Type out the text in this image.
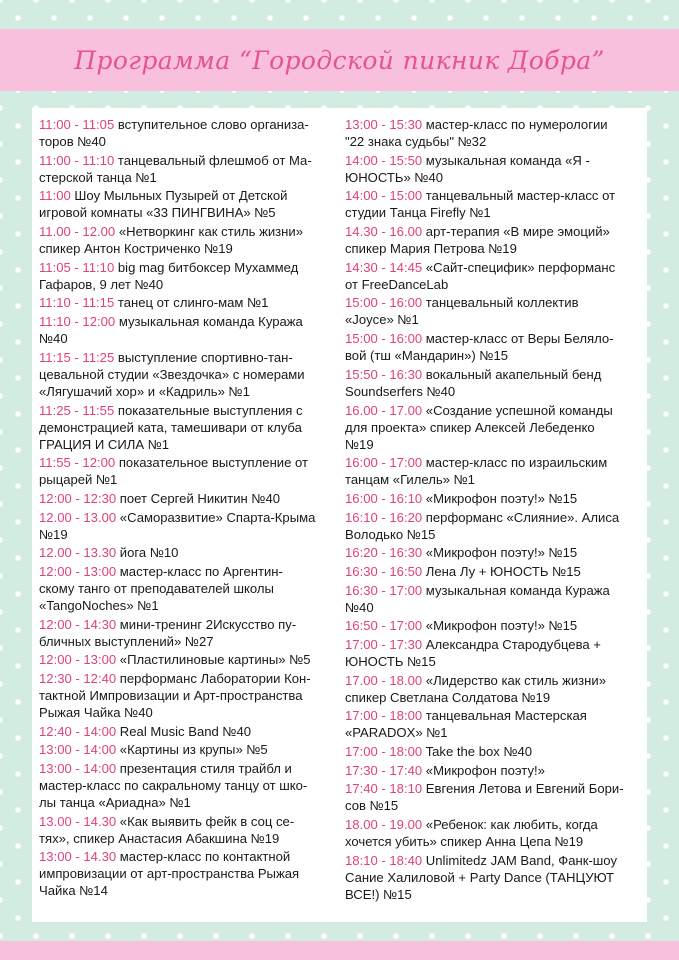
Программа “Городской пикник Добра”
11:00 - 11:05 вступительное слово организа-
торов №40
11:00 - 11:10 танцевальный флешмоб от Ма-
стерской танца №1
11:00 Шоу Мыльных Пузырей от Детской
игровой комнаты «33 ПИНГВИНА» №5
11.00 - 12.00 «Нетворкинг как стиль жизни»
спикер Антон Костриченко №19
11:05 - 11:10 big mag битбоксер Мухаммед
Гафаров, 9 лет №40
11:10 - 11:15 танец от слинго-мам №1
11:10 - 12:00 музыкальная команда Куража
№40
11:15 - 11:25 выступление спортивно-тан-
цевальной студии «Звездочка» с номерами
«Лягушачий хор» и «Кадриль» №1
11:25 - 11:55 показательные выступления с
демонстрацией ката, тамешивари от клуба
ГРАЦИЯ И СИЛА №1
11:55 - 12:00 показательное выступление от
рыцарей №1
12:00 - 12:30 поет Сергей Никитин №40
12.00 - 13.00 «Саморазвитие» Спарта-Крыма
№19
12.00 - 13.30 йога №10
12:00 - 13:00 мастер-класс по Аргентин-
скому танго от преподавателей школы
«TangoNoches» №1
12:00 - 14:30 мини-тренинг 2Искусство пу-
бличных выступлений» №27
12:00 - 13:00 «Пластилиновые картины» №5
12:30 - 12:40 перформанс Лаборатории Кон-
тактной Импровизации и Арт-пространства
Рыжая Чайка №40
12:40 - 14:00 Real Music Band №40
13:00 - 14:00 «Картины из крупы» №5
13:00 - 14:00 презентация стиля трайбл и
мастер-класс по сакральному танцу от шко-
лы танца «Ариадна» №1
13.00 - 14.30 «Как выявить фейк в соц се-
тях», спикер Анастасия Абакшина №19
13:00 - 14.30 мастер-класс по контактной
импровизации от арт-пространства Рыжая
Чайка №14
13:00 - 15:30 мастер-класс по нумерологии
"22 знака судьбы" №32
14:00 - 15:50 музыкальная команда «Я -
ЮНОСТЬ» №40
14:00 - 15:00 танцевальный мастер-класс от
студии Танца Firefly №1
14.30 - 16.00 арт-терапия «В мире эмоций»
спикер Мария Петрова №19
14:30 - 14:45 «Сайт-специфик» перформанс
от FreeDanceLab
15:00 - 16:00 танцевальный коллектив
«Joyce» №1
15:00 - 16:00 мастер-класс от Веры Беляло-
вой (тш «Мандарин») №15
15:50 - 16:30 вокальный акапельный бенд
Soundserfers №40
16.00 - 17.00 «Создание успешной команды
для проекта» спикер Алексей Лебеденко
№19
16:00 - 17:00 мастер-класс по израильским
танцам «Гилель» №1
16:00 - 16:10 «Микрофон поэту!» №15
16:10 - 16:20 перформанс «Слияние». Алиса
Володько №15
16:20 - 16:30 «Микрофон поэту!» №15
16:30 - 16:50 Лена Лу + ЮНОСТЬ №15
16:30 - 17:00 музыкальная команда Куража
№40
16:50 - 17:00 «Микрофон поэту!» №15
17:00 - 17:30 Александра Стародубцева +
ЮНОСТЬ №15
17.00 - 18.00 «Лидерство как стиль жизни»
спикер Светлана Солдатова №19
17:00 - 18:00 танцевальная Мастерская
«PARADOX» №1
17:00 - 18:00 Take the box №40
17:30 - 17:40 «Микрофон поэту!»
17:40 - 18:10 Евгения Летова и Евгений Бори-
сов №15
18.00 - 19.00 «Ребенок: как любить, когда
хочется убить» спикер Анна Цепа №19
18:10 - 18:40 Unlimitedz JAM Band, Фанк-шоу
Сание Халиловой + Party Dance (ТАНЦУЮТ
ВСЕ!) №15
